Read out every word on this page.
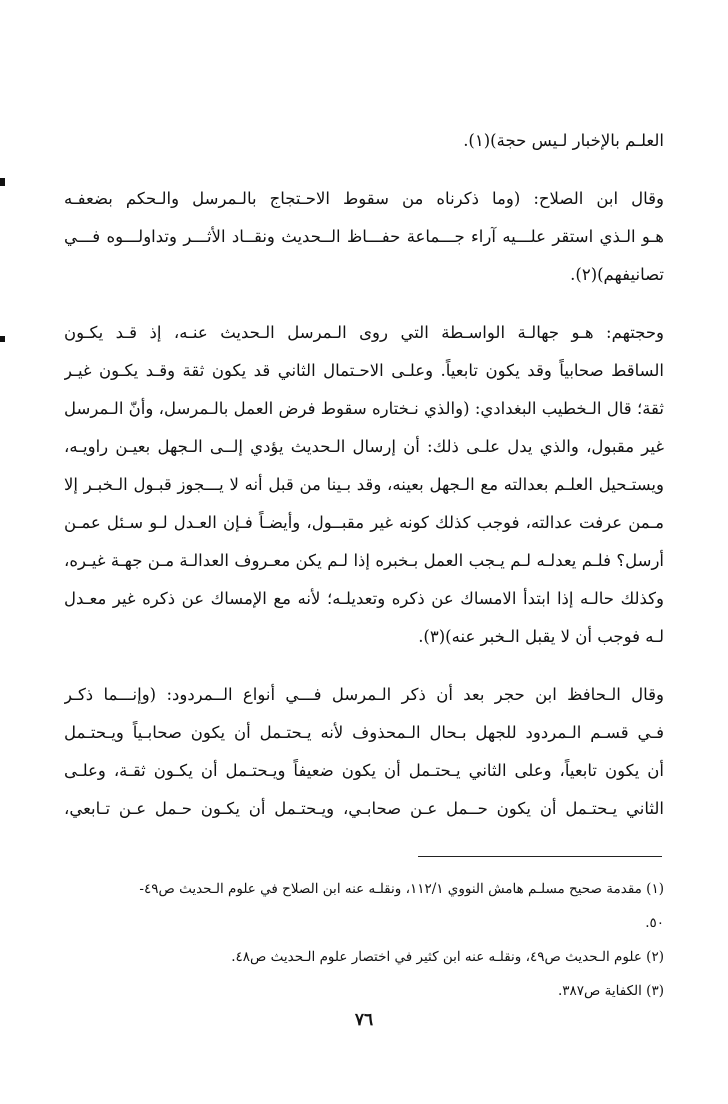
العلـم بالإخبار لـيس حجة)(١).
وقال ابن الصلاح: (وما ذكرناه من سقوط الاحـتجاج بالـمرسل والـحكم بضعفـه
هـو الـذي استقر علـــيه آراء جـــماعة حفـــاظ الــحديث ونقــاد الأثـــر وتداولـــوه فـــي
تصانيفهم)(٢).
وحجتهم: هـو جهالـة الواسـطة التي روى الـمرسل الـحديث عنـه، إذ قـد يكـون
الساقط صحابياً وقد يكون تابعياً. وعلـى الاحـتمال الثاني قد يكون ثقة وقـد يكـون غيـر
ثقة؛ قال الـخطيب البغدادي: (والذي نـختاره سقوط فرض العمل بالـمرسل، وأنّ الـمرسل
غير مقبول، والذي يدل علـى ذلك: أن إرسال الـحديث يؤدي إلــى الـجهل بعيـن راويـه،
ويستـحيل العلـم بعدالته مع الـجهل بعينه، وقد بـينا من قبل أنه لا يـــجوز قبـول الـخبـر إلا
مـمن عرفت عدالته، فوجب كذلك كونه غير مقبــول، وأيضـاً فـإن العـدل لـو سـئل عمـن
أرسل؟ فلـم يعدلـه لـم يـجب العمل بـخبره إذا لـم يكن معـروف العدالـة مـن جهـة غيـره،
وكذلك حالـه إذا ابتدأ الامساك عن ذكره وتعديلـه؛ لأنه مع الإمساك عن ذكره غير معـدل
لـه فوجب أن لا يقبل الـخبر عنه)(٣).
وقال الـحافظ ابن حجر بعد أن ذكر الـمرسل فـــي أنواع الــمردود: (وإنـــما ذكـر
فـي قسـم الـمردود للجهل بـحال الـمحذوف لأنه يـحتـمل أن يكون صحابـياً ويـحتـمل
أن يكون تابعياً، وعلى الثاني يـحتـمل أن يكون ضعيفاً ويـحتـمل أن يكـون ثقـة، وعلـى
الثاني يـحتـمل أن يكون حــمل عـن صحابـي، ويـحتـمل أن يكـون حـمل عـن تـابعي،
(١) مقدمة صحيح مسلـم هامش النووي ١١٢/١، ونقلـه عنه ابن الصلاح في علوم الـحديث ص٤٩-
٥٠.
(٢) علوم الـحديث ص٤٩، ونقلـه عنه ابن كثير في اختصار علوم الـحديث ص٤٨.
(٣) الكفاية ص٣٨٧.
٧٦
